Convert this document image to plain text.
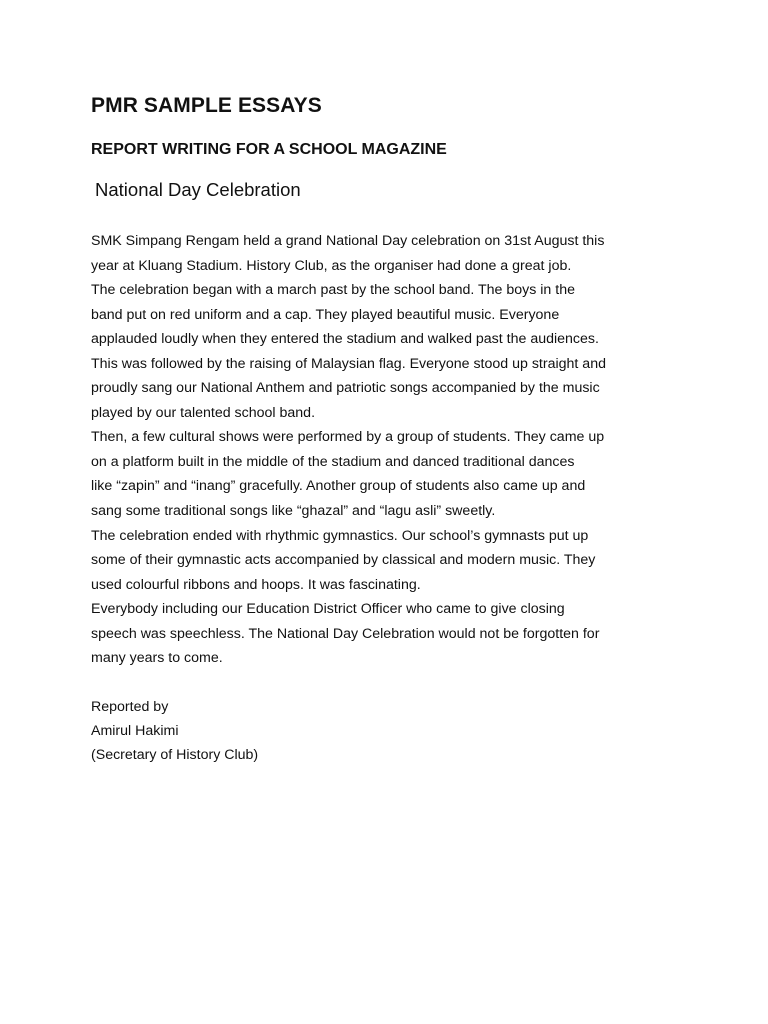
PMR SAMPLE ESSAYS
REPORT WRITING FOR A SCHOOL MAGAZINE
National Day Celebration
SMK Simpang Rengam held a grand National Day celebration on 31st August this
year at Kluang Stadium. History Club, as the organiser had done a great job.
The celebration began with a march past by the school band. The boys in the
band put on red uniform and a cap. They played beautiful music. Everyone
applauded loudly when they entered the stadium and walked past the audiences.
This was followed by the raising of Malaysian flag. Everyone stood up straight and
proudly sang our National Anthem and patriotic songs accompanied by the music
played by our talented school band.
Then, a few cultural shows were performed by a group of students. They came up
on a platform built in the middle of the stadium and danced traditional dances
like “zapin” and “inang” gracefully. Another group of students also came up and
sang some traditional songs like “ghazal” and “lagu asli” sweetly.
The celebration ended with rhythmic gymnastics. Our school’s gymnasts put up
some of their gymnastic acts accompanied by classical and modern music. They
used colourful ribbons and hoops. It was fascinating.
Everybody including our Education District Officer who came to give closing
speech was speechless. The National Day Celebration would not be forgotten for
many years to come.
Reported by
Amirul Hakimi
(Secretary of History Club)
